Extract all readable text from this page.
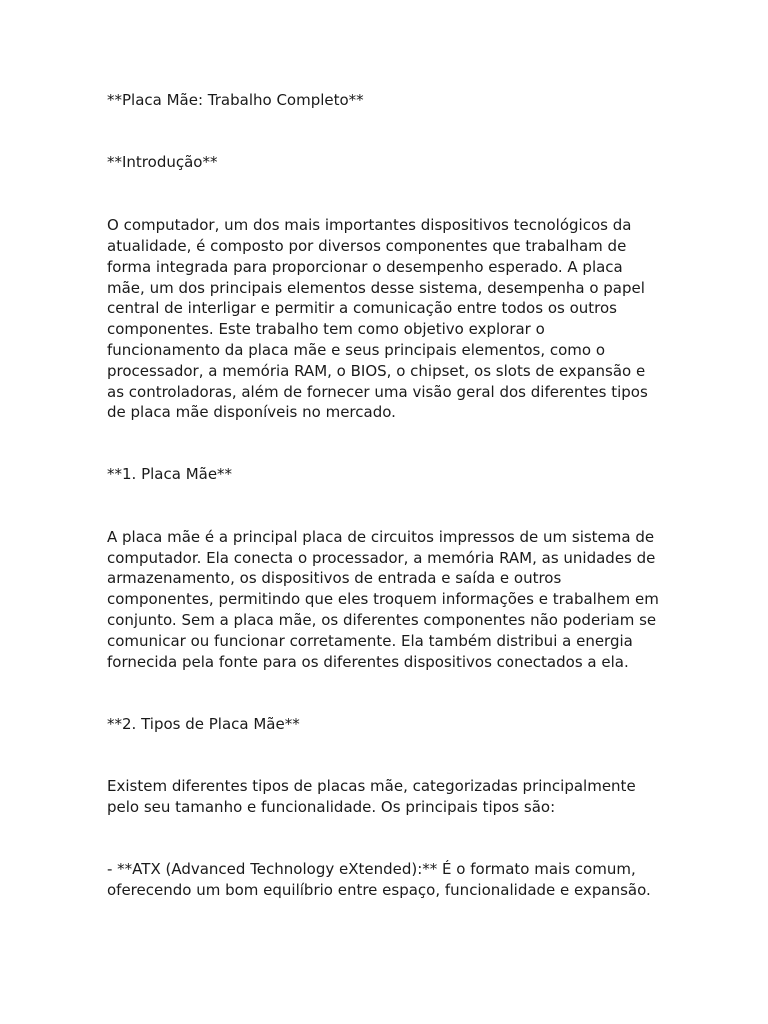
**Placa Mãe: Trabalho Completo**

**Introdução**

O computador, um dos mais importantes dispositivos tecnológicos da

atualidade, é composto por diversos componentes que trabalham de

forma integrada para proporcionar o desempenho esperado. A placa

mãe, um dos principais elementos desse sistema, desempenha o papel

central de interligar e permitir a comunicação entre todos os outros

componentes. Este trabalho tem como objetivo explorar o

funcionamento da placa mãe e seus principais elementos, como o

processador, a memória RAM, o BIOS, o chipset, os slots de expansão e

as controladoras, além de fornecer uma visão geral dos diferentes tipos

de placa mãe disponíveis no mercado.

**1. Placa Mãe**

A placa mãe é a principal placa de circuitos impressos de um sistema de

computador. Ela conecta o processador, a memória RAM, as unidades de

armazenamento, os dispositivos de entrada e saída e outros

componentes, permitindo que eles troquem informações e trabalhem em

conjunto. Sem a placa mãe, os diferentes componentes não poderiam se

comunicar ou funcionar corretamente. Ela também distribui a energia

fornecida pela fonte para os diferentes dispositivos conectados a ela.

**2. Tipos de Placa Mãe**

Existem diferentes tipos de placas mãe, categorizadas principalmente

pelo seu tamanho e funcionalidade. Os principais tipos são:

- **ATX (Advanced Technology eXtended):** É o formato mais comum,

oferecendo um bom equilíbrio entre espaço, funcionalidade e expansão.
